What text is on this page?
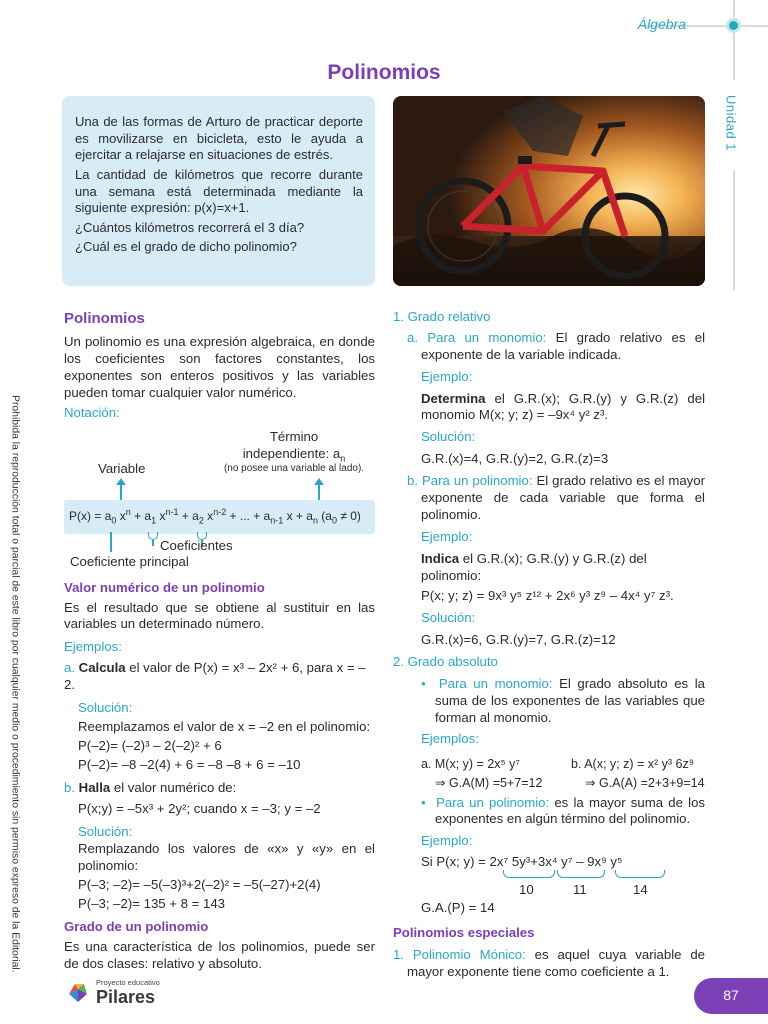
Álgebra
Unidad 1
Polinomios

Una de las formas de Arturo de practicar deporte es movilizarse en bicicleta, esto le ayuda a ejercitar a relajarse en situaciones de estrés.

La cantidad de kilómetros que recorre durante una semana está determinada mediante la siguiente expresión: p(x)=x+1.

¿Cuántos kilómetros recorrerá el 3 día?

¿Cuál es el grado de dicho polinomio?

Prohibida la reproducción total o parcial de este libro por cualquier medio o procedimiento sin permiso expreso de la Editorial.
Polinomios
Un polinomio es una expresión algebraica, en donde los coeficientes son factores constantes, los exponentes son enteros positivos y las variables pueden tomar cualquier valor numérico.
Notación:
Término
independiente: $a_n$
(no posee una variable al lado).
Variable
$P(x) = a_0$ $x^n + a_1$ $x^{n-1} + a_2$ $x^{n-2}$ + ... + $a_{n-1}$ $x + a_n$ $(a_0 \ne 0)$
Coeficientes
Coeficiente principal
Valor numérico de un polinomio
Es el resultado que se obtiene al sustituir en las variables un determinado número.
Ejemplos:
a. Calcula el valor de P(x) = x³ – 2x² + 6, para x = –2.
Solución:
Reemplazamos el valor de x = –2 en el polinomio:
P(–2)= (–2)³ – 2(–2)² + 6
P(–2)= –8 –2(4) + 6 = –8 –8 + 6 = –10
b. Halla el valor numérico de:
P(x;y) = –5x³ + 2y²; cuando x = –3; y = –2
Solución:
Remplazando los valores de «x» y «y» en el polinomio:
P(–3; –2)= –5(–3)³+2(–2)² = –5(–27)+2(4)
P(–3; –2)= 135 + 8 = 143
Grado de un polinomio
Es una característica de los polinomios, puede ser de dos clases: relativo y absoluto.
1. Grado relativo
a. Para un monomio: El grado relativo es el exponente de la variable indicada.
Ejemplo:
Determina el G.R.(x); G.R.(y) y G.R.(z) del monomio M(x; y; z) = –9x⁴ y² z³.
Solución:
G.R.(x)=4, G.R.(y)=2, G.R.(z)=3
b. Para un polinomio: El grado relativo es el mayor exponente de cada variable que forma el polinomio.
Ejemplo:
Indica el G.R.(x); G.R.(y) y G.R.(z) del polinomio:
P(x; y; z) = 9x³ y⁵ z¹² + 2x⁶ y³ z⁹ – 4x⁴ y⁷ z³.
Solución:
G.R.(x)=6, G.R.(y)=7, G.R.(z)=12
2. Grado absoluto
•  Para un monomio: El grado absoluto es la suma de los exponentes de las variables que forman al monomio.
Ejemplos:
a. M(x; y) = 2x⁵ y⁷	b. A(x; y; z) = x² y³ 6z⁹
⇒ G.A(M) =5+7=12	⇒ G.A(A) =2+3+9=14
•  Para un polinomio: es la mayor suma de los exponentes en algún término del polinomio.
Ejemplo:
Si P(x; y) = 2x⁷ 5y³+3x⁴ y⁷ – 9x⁹ y⁵
10	11	14
G.A.(P) = 14
Polinomios especiales
1. Polinomio Mónico: es aquel cuya variable de mayor exponente tiene como coeficiente a 1.
Proyecto educativo
Pilares	87
